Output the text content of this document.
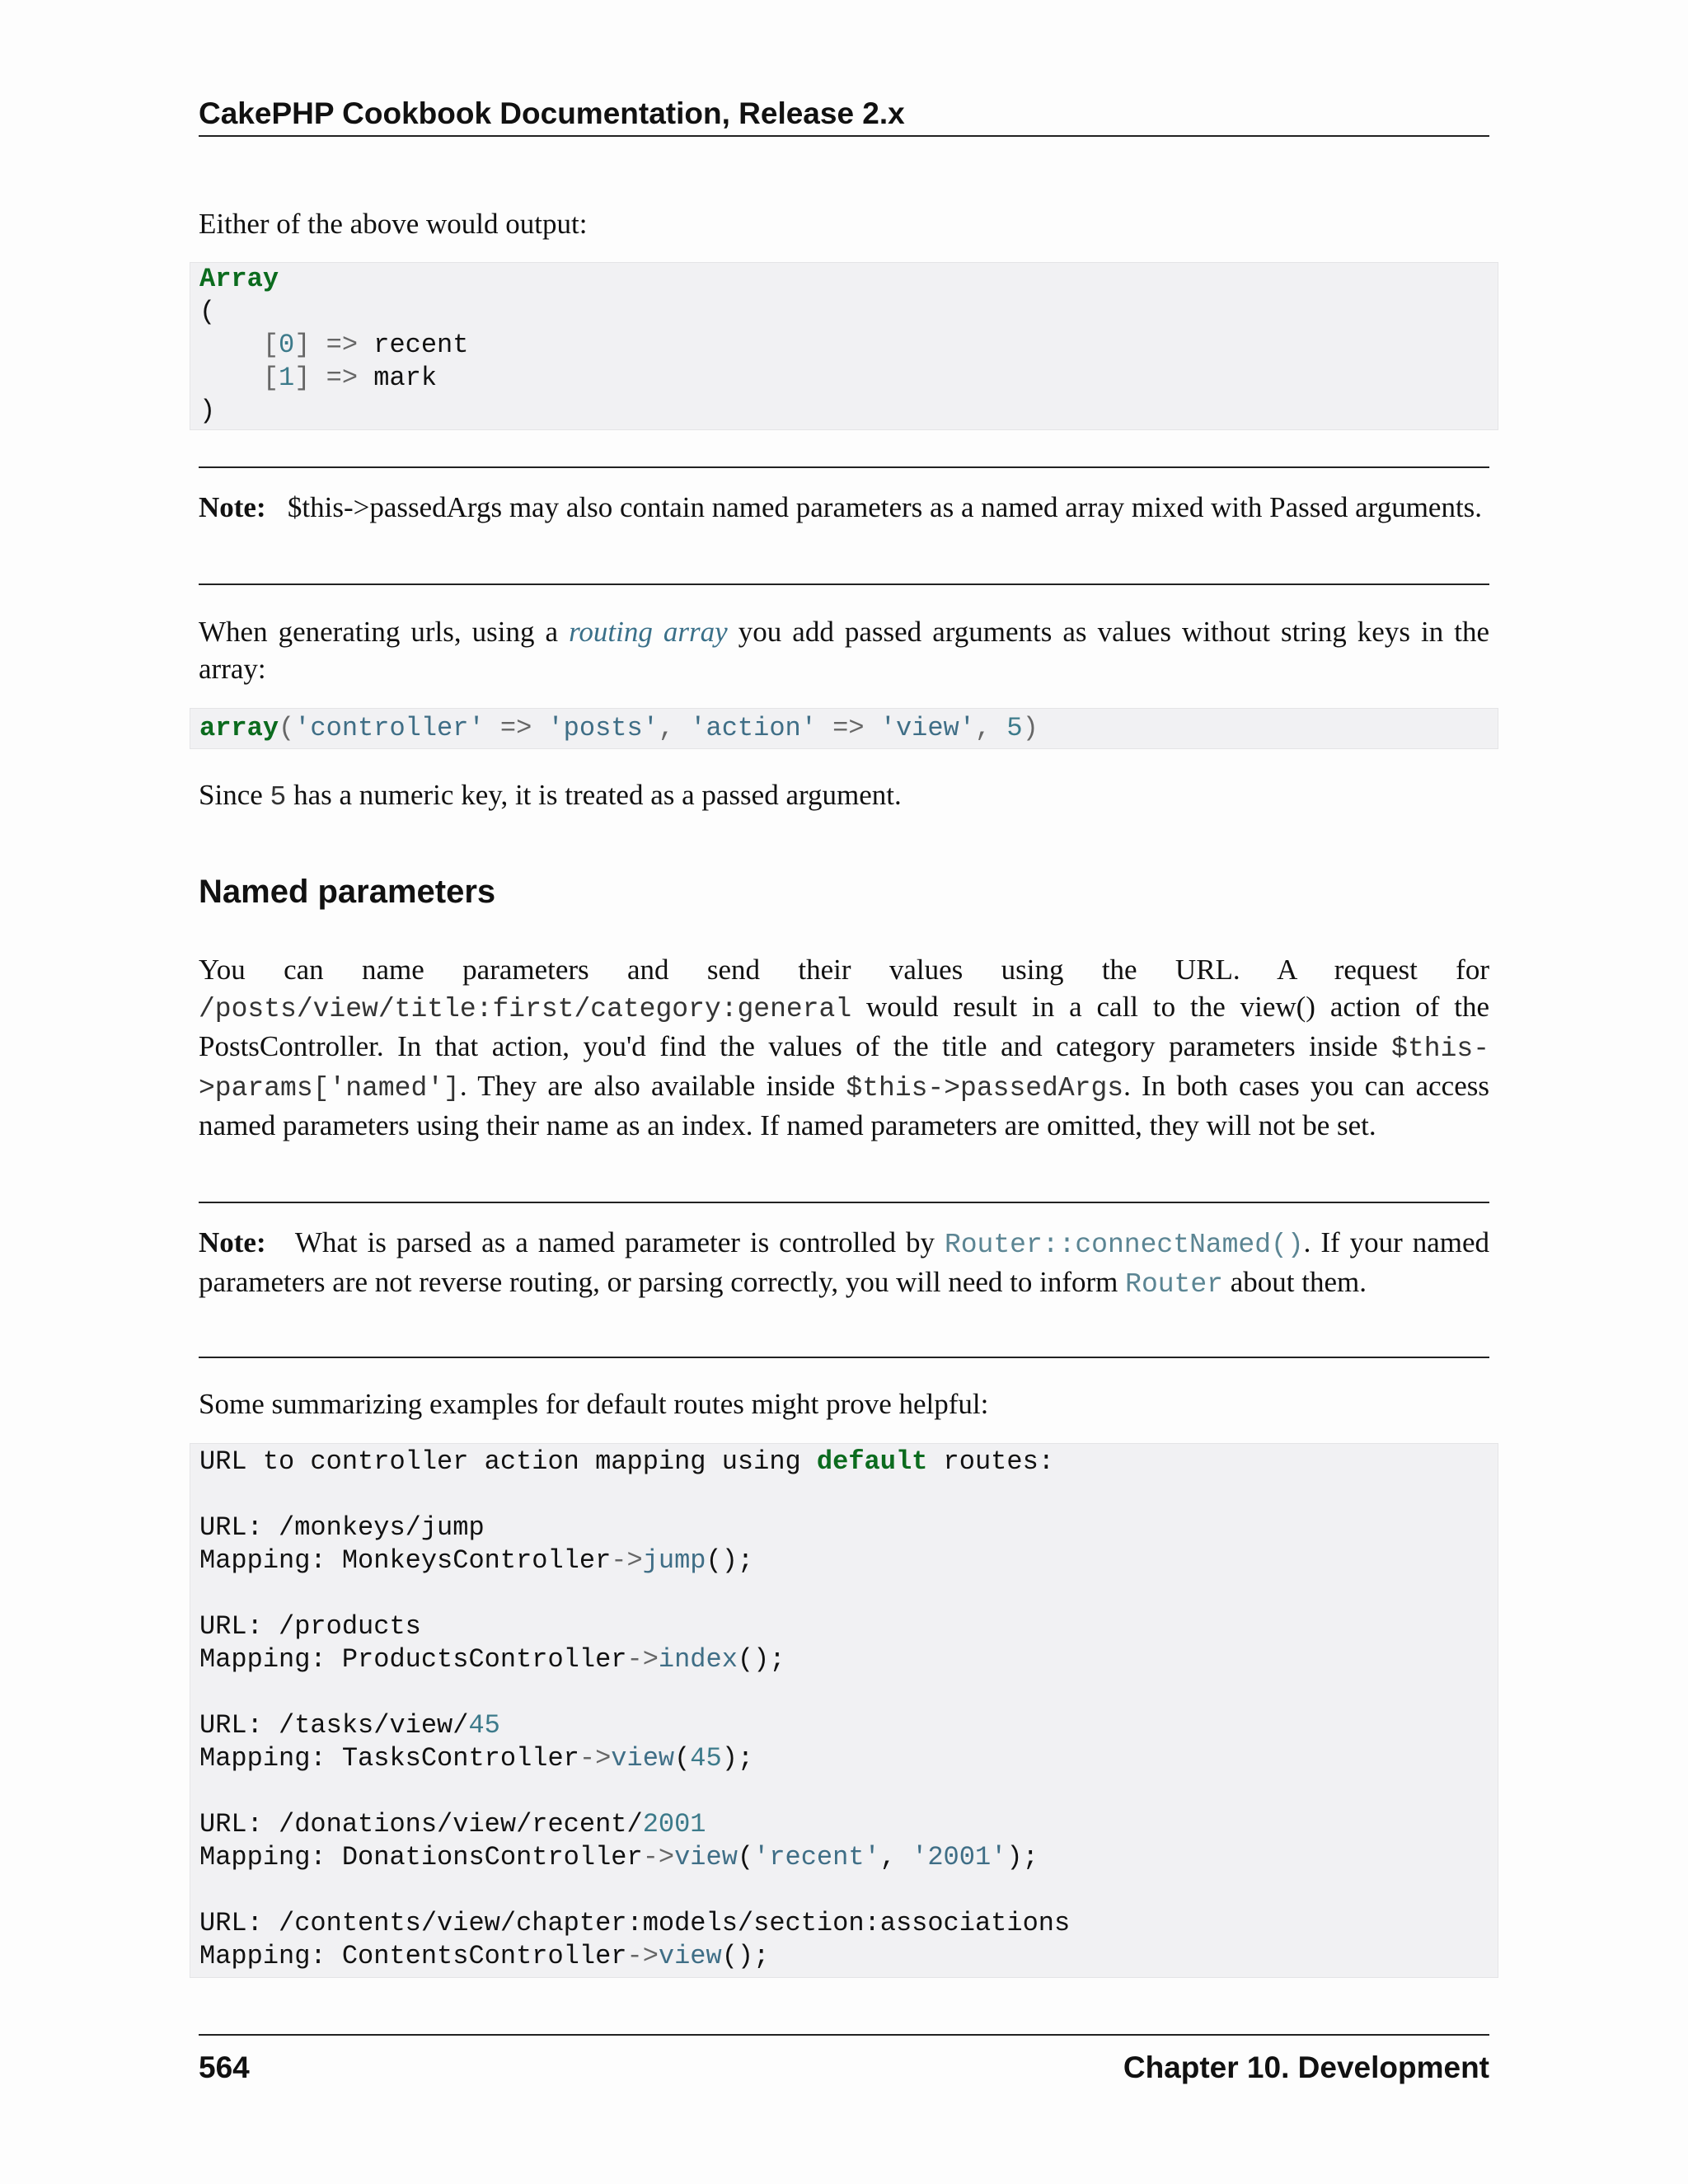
CakePHP Cookbook Documentation, Release 2.x

Either of the above would output:

Array
(
[0] => recent
[1] => mark
)

Note: $this->passedArgs may also contain named parameters as a named array mixed with Passed arguments.

When generating urls, using a routing array you add passed arguments as values without string keys in the array:

array('controller' => 'posts', 'action' => 'view', 5)

Since 5 has a numeric key, it is treated as a passed argument.

Named parameters

You can name parameters and send their values using the URL. A request for /posts/view/title:first/category:general would result in a call to the view() action of the PostsController. In that action, you'd find the values of the title and category parameters inside $this->params['named']. They are also available inside $this->passedArgs. In both cases you can access named parameters using their name as an index. If named parameters are omitted, they will not be set.

Note: What is parsed as a named parameter is controlled by Router::connectNamed(). If your named parameters are not reverse routing, or parsing correctly, you will need to inform Router about them.

Some summarizing examples for default routes might prove helpful:

URL to controller action mapping using default routes:
URL: /monkeys/jump
Mapping: MonkeysController->jump();
URL: /products
Mapping: ProductsController->index();
URL: /tasks/view/45
Mapping: TasksController->view(45);
URL: /donations/view/recent/2001
Mapping: DonationsController->view('recent', '2001');
URL: /contents/view/chapter:models/section:associations
Mapping: ContentsController->view();
564	Chapter 10. Development
